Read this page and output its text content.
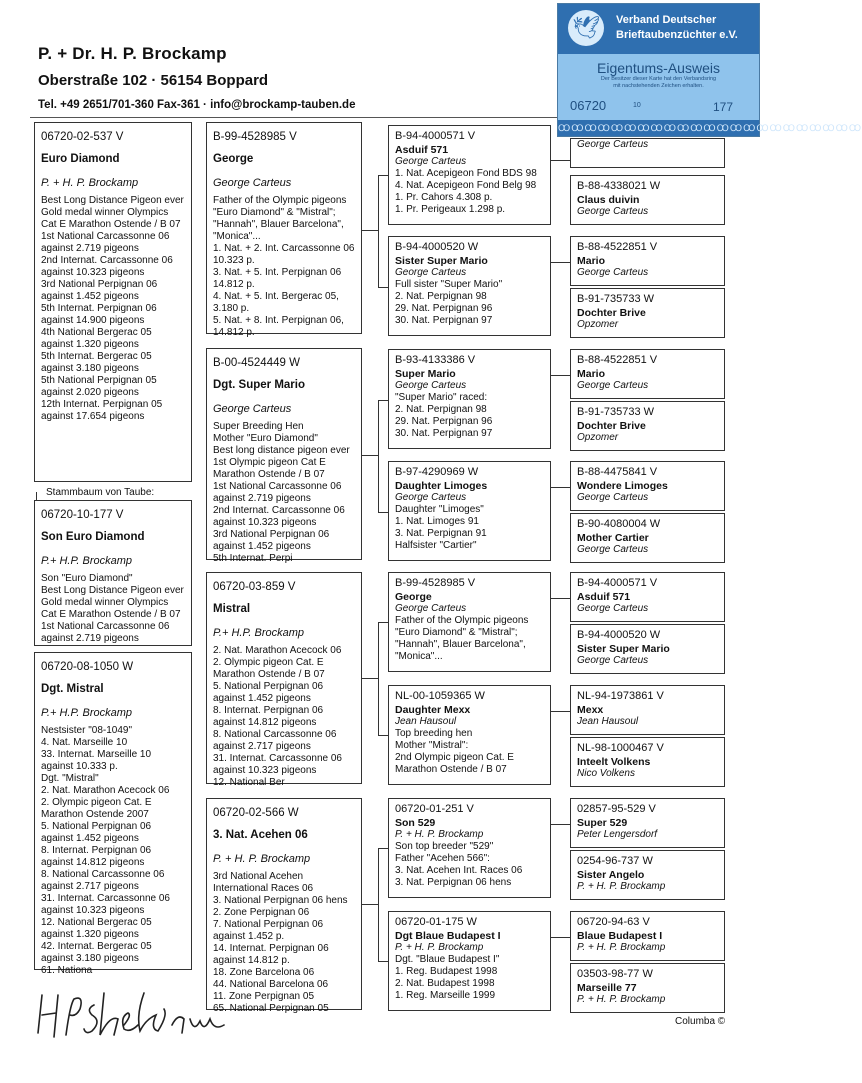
P. + Dr. H. P. Brockamp
Oberstraße 102 · 56154 Boppard
Tel. +49 2651/701-360 Fax-361 · info@brockamp-tauben.de
🕊	Verband Deutscher
Brieftaubenzüchter e.V.
Eigentums-Ausweis
Der Besitzer dieser Karte hat den Verbandsring
mit nachstehenden Zeichen erhalten.
06720	10	177
ꝎꝎꝎꝎꝎꝎꝎꝎꝎꝎꝎꝎꝎꝎꝎꝎꝎꝎꝎꝎꝎꝎꝎ
06720-02-537 V
Euro Diamond
P. + H. P. Brockamp
Best Long Distance Pigeon ever
Gold medal winner Olympics
Cat E Marathon Ostende / B 07
1st National Carcassonne 06
against 2.719 pigeons
2nd Internat. Carcassonne 06
against 10.323 pigeons
3rd National Perpignan 06
against 1.452 pigeons
5th Internat. Perpignan 06
against 14.900 pigeons
4th National Bergerac 05
against 1.320 pigeons
5th Internat. Bergerac 05
against 3.180 pigeons
5th National Perpignan 05
against 2.020 pigeons
12th Internat. Perpignan 05
against 17.654 pigeons
Stammbaum von Taube:
06720-10-177 V
Son Euro Diamond
P.+ H.P. Brockamp
Son "Euro Diamond"
Best Long Distance Pigeon ever
Gold medal winner Olympics
Cat E Marathon Ostende / B 07
1st National Carcassonne 06
against 2.719 pigeons
06720-08-1050 W
Dgt. Mistral
P.+ H.P. Brockamp
Nestsister "08-1049"
4. Nat. Marseille 10
33. Internat. Marseille 10
against 10.333 p.
Dgt. "Mistral"
2. Nat. Marathon Acecock 06
2. Olympic pigeon Cat. E
Marathon Ostende 2007
5. National Perpignan 06
against 1.452 pigeons
8. Internat. Perpignan 06
against 14.812 pigeons
8. National Carcassonne 06
against 2.717 pigeons
31. Internat. Carcassonne 06
against 10.323 pigeons
12. National Bergerac 05
against 1.320 pigeons
42. Internat. Bergerac 05
against 3.180 pigeons
61. Nationa
B-99-4528985 V
George
George Carteus
Father of the Olympic pigeons
"Euro Diamond" & "Mistral";
"Hannah", Blauer Barcelona",
"Monica"...
1. Nat. + 2. Int. Carcassonne 06
10.323 p.
3. Nat. + 5. Int. Perpignan 06
14.812 p.
4. Nat. + 5. Int. Bergerac 05,
3.180 p.
5. Nat. + 8. Int. Perpignan 06,
14.812 p.
B-00-4524449 W
Dgt. Super Mario
George Carteus
Super Breeding Hen
Mother "Euro Diamond"
Best long distance pigeon ever
1st Olympic pigeon Cat E
Marathon Ostende / B 07
1st National Carcassonne 06
against 2.719 pigeons
2nd Internat. Carcassonne 06
against 10.323 pigeons
3rd National Perpignan 06
against 1.452 pigeons
5th Internat. Perpi
06720-03-859 V
Mistral
P.+ H.P. Brockamp
2. Nat. Marathon Acecock 06
2. Olympic pigeon Cat. E
Marathon Ostende / B 07
5. National Perpignan 06
against 1.452 pigeons
8. Internat. Perpignan 06
against 14.812 pigeons
8. National Carcassonne 06
against 2.717 pigeons
31. Internat. Carcassonne 06
against 10.323 pigeons
12. National Ber
06720-02-566 W
3. Nat. Acehen 06
P. + H. P. Brockamp
3rd National Acehen
International Races 06
3. National Perpignan 06 hens
2. Zone Perpignan 06
7. National Perpignan 06
against 1.452 p.
14. Internat. Perpignan 06
against 14.812 p.
18. Zone Barcelona 06
44. National Barcelona 06
11. Zone Perpignan 05
65. National Perpignan 05
B-94-4000571 V
Asduif 571
George Carteus
1. Nat. Acepigeon Fond BDS 98
4. Nat. Acepigeon Fond Belg 98
1. Pr. Cahors 4.308 p.
1. Pr. Perigeaux 1.298 p.
B-94-4000520 W
Sister Super Mario
George Carteus
Full sister "Super Mario"
2. Nat. Perpignan 98
29. Nat. Perpignan 96
30. Nat. Perpignan 97
B-93-4133386 V
Super Mario
George Carteus
"Super Mario" raced:
2. Nat. Perpignan 98
29. Nat. Perpignan 96
30. Nat. Perpignan 97
B-97-4290969 W
Daughter Limoges
George Carteus
Daughter "Limoges"
1. Nat. Limoges 91
3. Nat. Perpignan 91
Halfsister "Cartier"
B-99-4528985 V
George
George Carteus
Father of the Olympic pigeons
"Euro Diamond" & "Mistral";
"Hannah", Blauer Barcelona",
"Monica"...
NL-00-1059365 W
Daughter Mexx
Jean Hausoul
Top breeding hen
Mother "Mistral":
2nd Olympic pigeon Cat. E
Marathon Ostende / B 07
06720-01-251 V
Son 529
P. + H. P. Brockamp
Son top breeder "529"
Father "Acehen 566":
3. Nat. Acehen Int. Races 06
3. Nat. Perpignan 06 hens
06720-01-175 W
Dgt Blaue Budapest I
P. + H. P. Brockamp
Dgt. "Blaue Budapest I"
1. Reg. Budapest 1998
2. Nat. Budapest 1998
1. Reg. Marseille 1999
George Carteus
B-88-4338021 W
Claus duivin
George Carteus
B-88-4522851 V
Mario
George Carteus
B-91-735733 W
Dochter Brive
Opzomer
B-88-4522851 V
Mario
George Carteus
B-91-735733 W
Dochter Brive
Opzomer
B-88-4475841 V
Wondere Limoges
George Carteus
B-90-4080004 W
Mother Cartier
George Carteus
B-94-4000571 V
Asduif 571
George Carteus
B-94-4000520 W
Sister Super Mario
George Carteus
NL-94-1973861 V
Mexx
Jean Hausoul
NL-98-1000467 V
Inteelt Volkens
Nico Volkens
02857-95-529 V
Super 529
Peter Lengersdorf
0254-96-737 W
Sister Angelo
P. + H. P. Brockamp
06720-94-63 V
Blaue Budapest I
P. + H. P. Brockamp
03503-98-77 W
Marseille 77
P. + H. P. Brockamp
Columba ©
